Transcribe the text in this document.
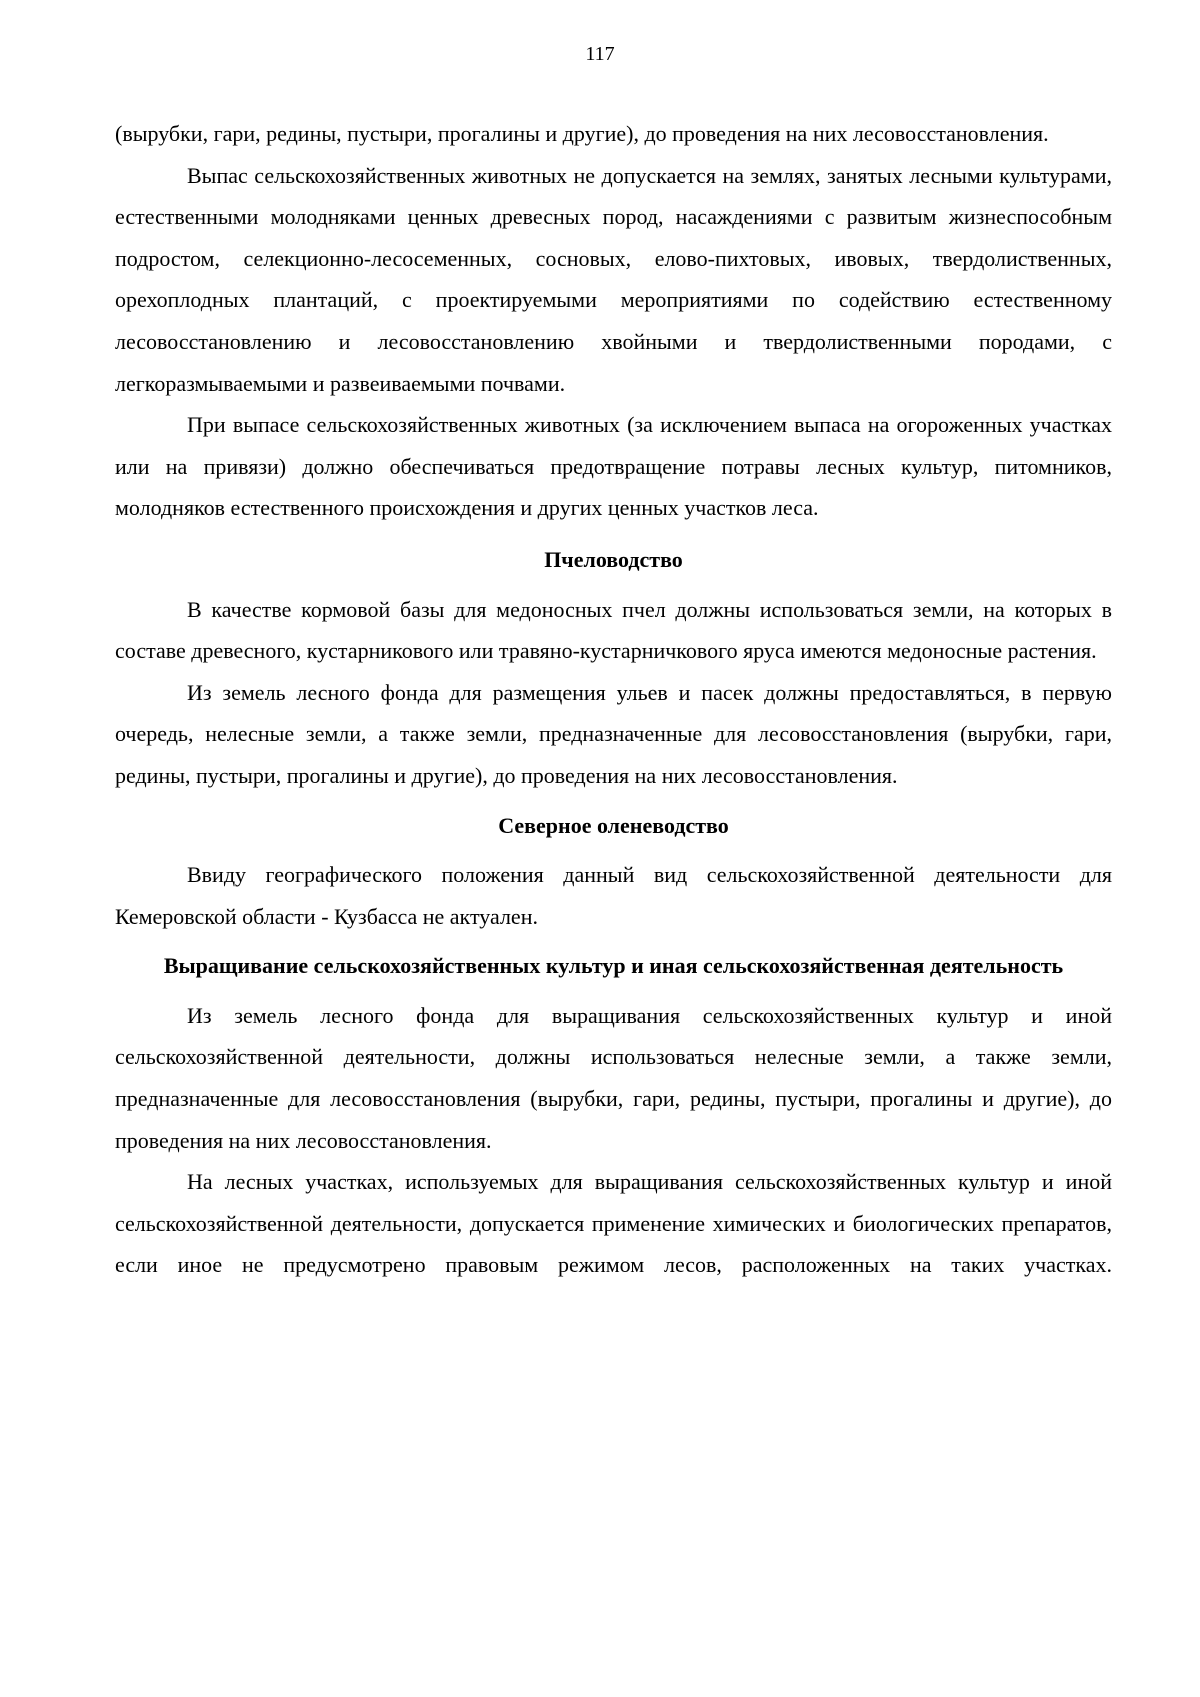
117

(вырубки, гари, редины, пустыри, прогалины и другие), до проведения на них лесовосстановления.

Выпас сельскохозяйственных животных не допускается на землях, занятых лесными культурами, естественными молодняками ценных древесных пород, насаждениями с развитым жизнеспособным подростом, селекционно-лесосеменных, сосновых, елово-пихтовых, ивовых, твердолиственных, орехоплодных плантаций, с проектируемыми мероприятиями по содействию естественному лесовосстановлению и лесовосстановлению хвойными и твердолиственными породами, с легкоразмываемыми и развеиваемыми почвами.

При выпасе сельскохозяйственных животных (за исключением выпаса на огороженных участках или на привязи) должно обеспечиваться предотвращение потравы лесных культур, питомников, молодняков естественного происхождения и других ценных участков леса.

Пчеловодство

В качестве кормовой базы для медоносных пчел должны использоваться земли, на которых в составе древесного, кустарникового или травяно-кустарничкового яруса имеются медоносные растения.

Из земель лесного фонда для размещения ульев и пасек должны предоставляться, в первую очередь, нелесные земли, а также земли, предназначенные для лесовосстановления (вырубки, гари, редины, пустыри, прогалины и другие), до проведения на них лесовосстановления.

Северное оленеводство

Ввиду географического положения данный вид сельскохозяйственной деятельности для Кемеровской области - Кузбасса не актуален.

Выращивание сельскохозяйственных культур и иная сельскохозяйственная деятельность

Из земель лесного фонда для выращивания сельскохозяйственных культур и иной сельскохозяйственной деятельности, должны использоваться нелесные земли, а также земли, предназначенные для лесовосстановления (вырубки, гари, редины, пустыри, прогалины и другие), до проведения на них лесовосстановления.

На лесных участках, используемых для выращивания сельскохозяйственных культур и иной сельскохозяйственной деятельности, допускается применение химических и биологических препаратов, если иное не предусмотрено правовым режимом лесов, расположенных на таких участках.
